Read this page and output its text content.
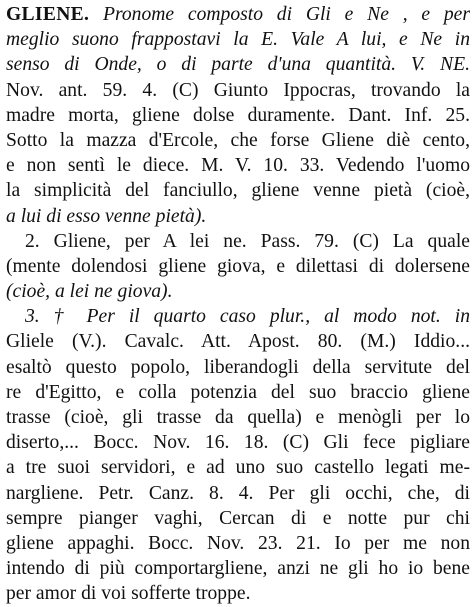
GLIENE. Pronome composto di Gli e Ne , e per
meglio suono frappostavi la E. Vale A lui, e Ne in
senso di Onde, o di parte d'una quantità. V. NE.
Nov. ant. 59. 4. (C) Giunto Ippocras, trovando la
madre morta, gliene dolse duramente. Dant. Inf. 25.
Sotto la mazza d'Ercole, che forse Gliene diè cento,
e non sentì le diece. M. V. 10. 33. Vedendo l'uomo
la simplicità del fanciullo, gliene venne pietà (cioè,
a lui di esso venne pietà).
2. Gliene, per A lei ne. Pass. 79. (C) La quale
(mente dolendosi gliene giova, e dilettasi di dolersene
(cioè, a lei ne giova).
3. † Per il quarto caso plur., al modo not. in
Gliele (V.). Cavalc. Att. Apost. 80. (M.) Iddio...
esaltò questo popolo, liberandogli della servitute del
re d'Egitto, e colla potenzia del suo braccio gliene
trasse (cioè, gli trasse da quella) e menògli per lo
diserto,... Bocc. Nov. 16. 18. (C) Gli fece pigliare
a tre suoi servidori, e ad uno suo castello legati me-
nargliene. Petr. Canz. 8. 4. Per gli occhi, che, di
sempre pianger vaghi, Cercan di e notte pur chi
gliene appaghi. Bocc. Nov. 23. 21. Io per me non
intendo di più comportargliene, anzi ne gli ho io bene
per amor di voi sofferte troppe.
